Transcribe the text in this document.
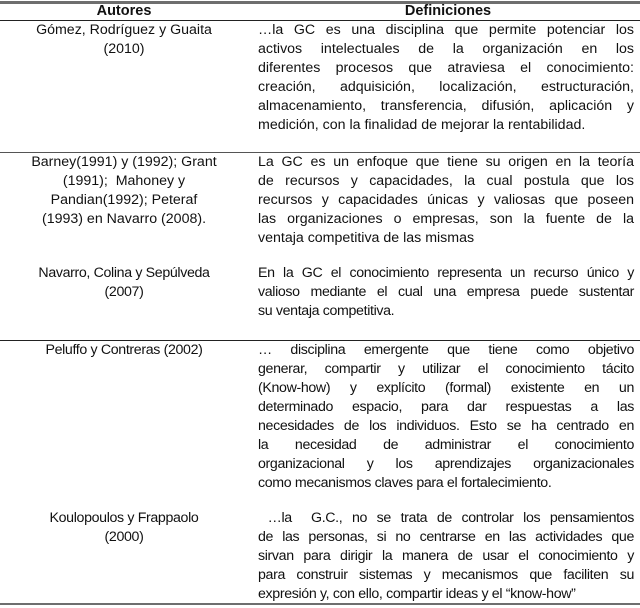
Autores	Definiciones
Gómez, Rodríguez y Guaita
(2010)
…la GC es una disciplina que permite potenciar los
activos intelectuales de la organización en los
diferentes procesos que atraviesa el conocimiento:
creación, adquisición, localización, estructuración,
almacenamiento, transferencia, difusión, aplicación y
medición, con la finalidad de mejorar la rentabilidad.
Barney(1991) y (1992); Grant
(1991);  Mahoney y
Pandian(1992); Peteraf
(1993) en Navarro (2008).
La GC es un enfoque que tiene su origen en la teoría
de recursos y capacidades, la cual postula que los
recursos y capacidades únicas y valiosas que poseen
las organizaciones o empresas, son la fuente de la
ventaja competitiva de las mismas
Navarro, Colina y Sepúlveda
(2007)
En la GC el conocimiento representa un recurso único y
valioso mediante el cual una empresa puede sustentar
su ventaja competitiva.
Peluffo y Contreras (2002)	… disciplina emergente que tiene como objetivo
generar, compartir y utilizar el conocimiento tácito
(Know-how) y explícito (formal) existente en un
determinado espacio, para dar respuestas a las
necesidades de los individuos. Esto se ha centrado en
la necesidad de administrar el conocimiento
organizacional y los aprendizajes organizacionales
como mecanismos claves para el fortalecimiento.
Koulopoulos y Frappaolo
(2000)
…la  G.C., no se trata de controlar los pensamientos
de las personas, si no centrarse en las actividades que
sirvan para dirigir la manera de usar el conocimiento y
para construir sistemas y mecanismos que faciliten su
expresión y, con ello, compartir ideas y el “know-how”
